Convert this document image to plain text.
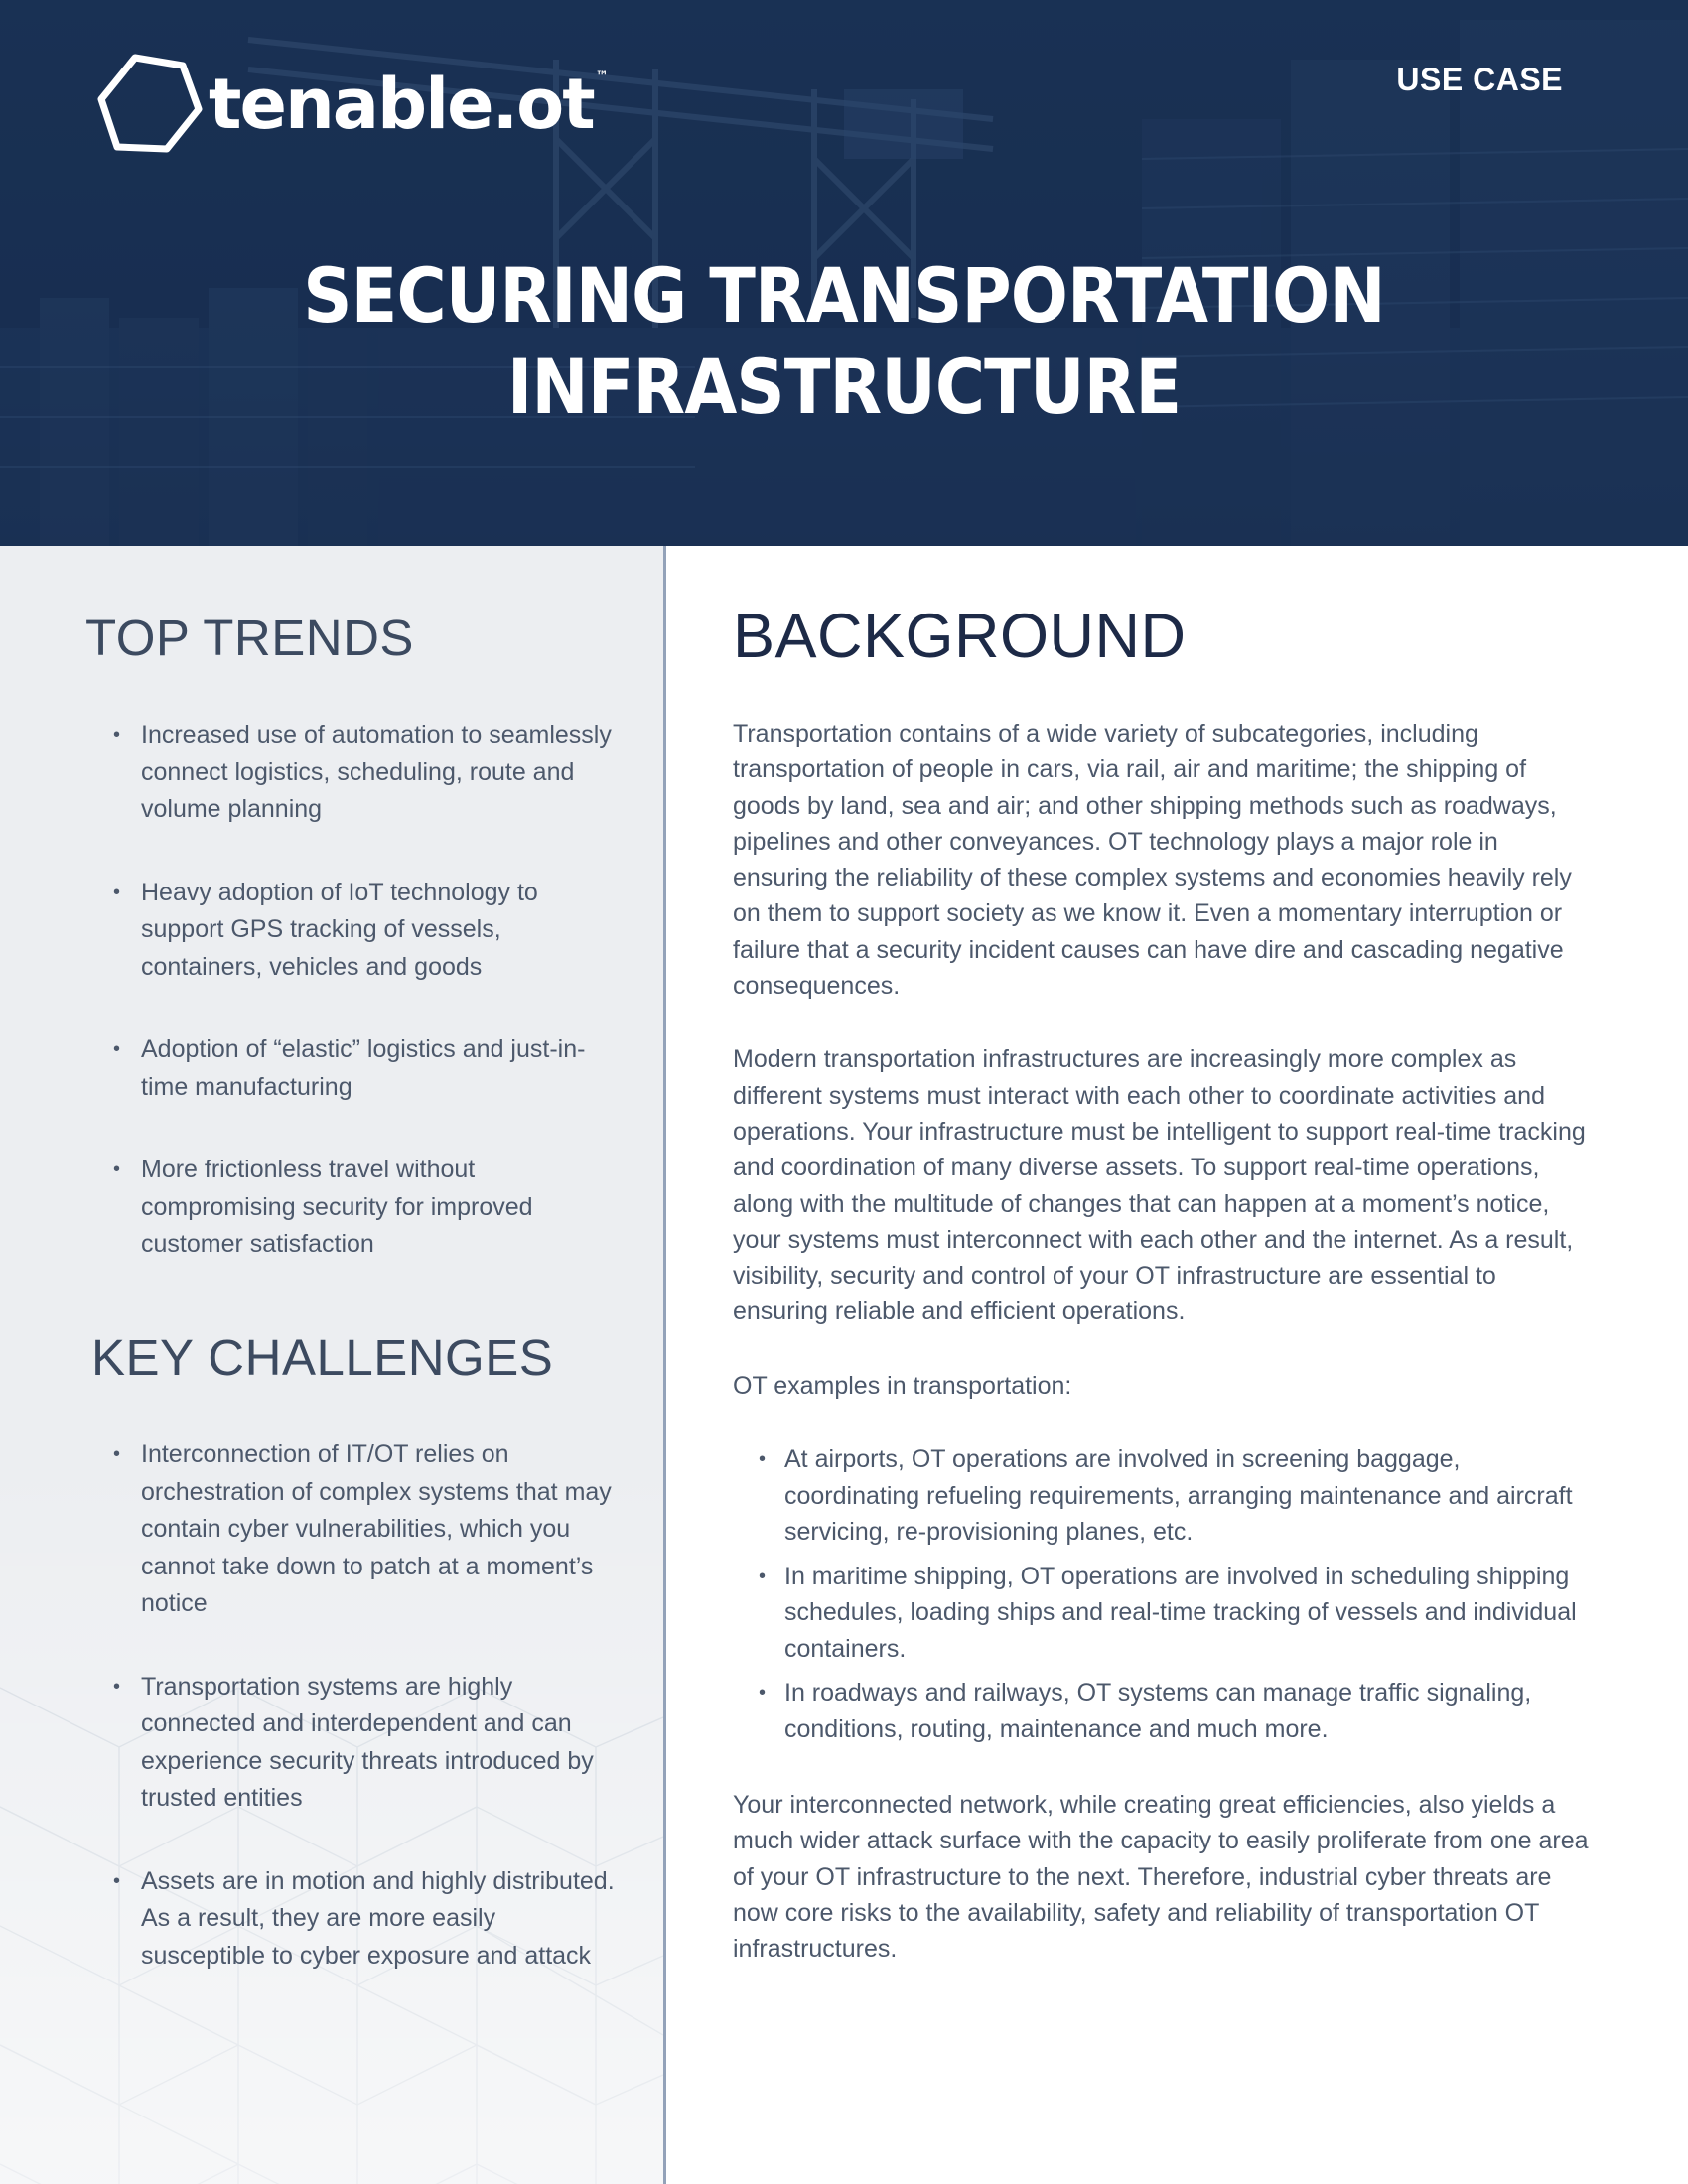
tenable.ot ™	USE CASE
SECURING TRANSPORTATION
INFRASTRUCTURE
TOP TRENDS
• Increased use of automation to seamlessly connect logistics, scheduling, route and volume planning
• Heavy adoption of IoT technology to support GPS tracking of vessels, containers, vehicles and goods
• Adoption of “elastic” logistics and just-in-time manufacturing
• More frictionless travel without compromising security for improved customer satisfaction
KEY CHALLENGES
• Interconnection of IT/OT relies on orchestration of complex systems that may contain cyber vulnerabilities, which you cannot take down to patch at a moment’s notice
• Transportation systems are highly connected and interdependent and can experience security threats introduced by trusted entities
• Assets are in motion and highly distributed. As a result, they are more easily susceptible to cyber exposure and attack
BACKGROUND

Transportation contains of a wide variety of subcategories, including transportation of people in cars, via rail, air and maritime; the shipping of goods by land, sea and air; and other shipping methods such as roadways, pipelines and other conveyances. OT technology plays a major role in ensuring the reliability of these complex systems and economies heavily rely on them to support society as we know it. Even a momentary interruption or failure that a security incident causes can have dire and cascading negative consequences.

Modern transportation infrastructures are increasingly more complex as different systems must interact with each other to coordinate activities and operations. Your infrastructure must be intelligent to support real-time tracking and coordination of many diverse assets. To support real-time operations, along with the multitude of changes that can happen at a moment’s notice, your systems must interconnect with each other and the internet. As a result, visibility, security and control of your OT infrastructure are essential to ensuring reliable and efficient operations.

OT examples in transportation:

• At airports, OT operations are involved in screening baggage, coordinating refueling requirements, arranging maintenance and aircraft servicing, re-provisioning planes, etc.
• In maritime shipping, OT operations are involved in scheduling shipping schedules, loading ships and real-time tracking of vessels and individual containers.
• In roadways and railways, OT systems can manage traffic signaling, conditions, routing, maintenance and much more.

Your interconnected network, while creating great efficiencies, also yields a much wider attack surface with the capacity to easily proliferate from one area of your OT infrastructure to the next. Therefore, industrial cyber threats are now core risks to the availability, safety and reliability of transportation OT infrastructures.
